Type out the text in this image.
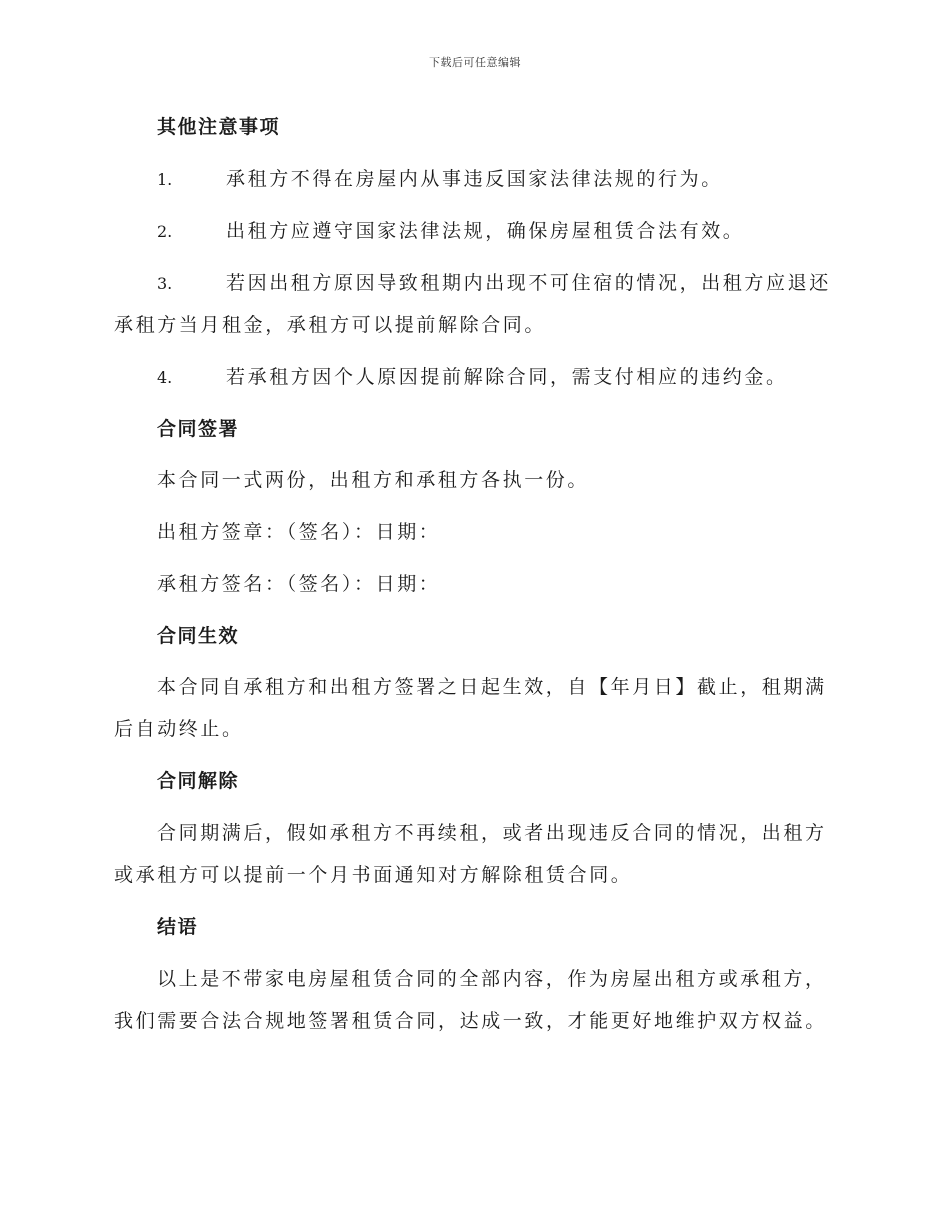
下载后可任意编辑
其他注意事项
1.	承租方不得在房屋内从事违反国家法律法规的行为。
2.	出租方应遵守国家法律法规，确保房屋租赁合法有效。
3.	若因出租方原因导致租期内出现不可住宿的情况，出租方应退还
承租方当月租金，承租方可以提前解除合同。
4.	若承租方因个人原因提前解除合同，需支付相应的违约金。
合同签署
本合同一式两份，出租方和承租方各执一份。
出租方签章：（签名）：日期：
承租方签名：（签名）：日期：
合同生效
本合同自承租方和出租方签署之日起生效，自【年月日】截止，租期满
后自动终止。
合同解除
合同期满后，假如承租方不再续租，或者出现违反合同的情况，出租方
或承租方可以提前一个月书面通知对方解除租赁合同。
结语
以上是不带家电房屋租赁合同的全部内容，作为房屋出租方或承租方，
我们需要合法合规地签署租赁合同，达成一致，才能更好地维护双方权益。
